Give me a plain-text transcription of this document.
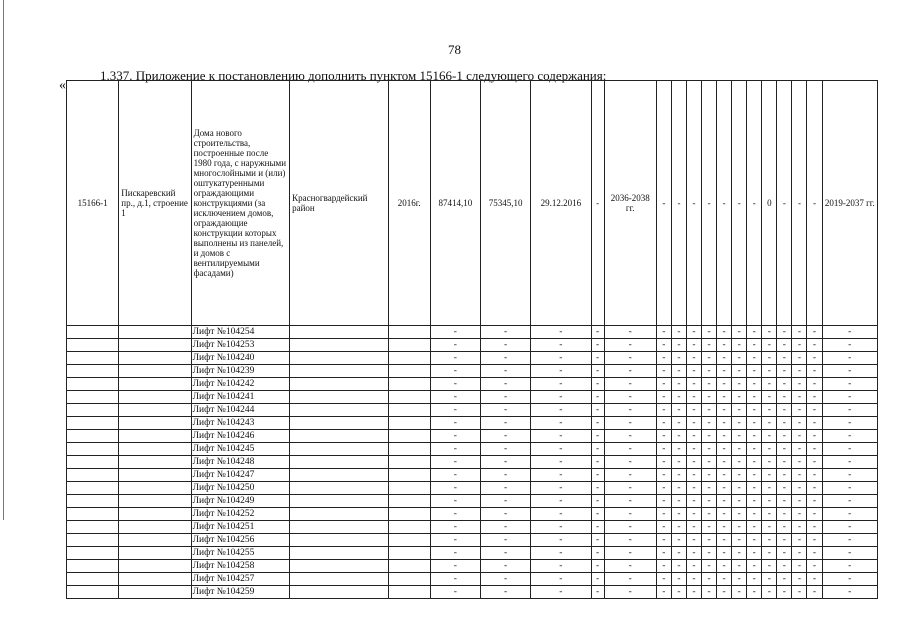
78
1.337. Приложение к постановлению дополнить пунктом 15166-1 следующего содержания:
«
15166-1	Пискаревский пр., д.1, строение 1	Дома нового строительства, построенные после 1980 года, с наружными многослойными и (или) оштукатуренными ограждающими конструкциями (за исключением домов, ограждающие конструкции которых выполнены из панелей, и домов с вентилируемыми фасадами)	Красногвардейский район	2016г.	87414,10	75345,10	29.12.2016	-	2036-2038 гг.	-	-	-	-	-	-	-	0	-	-	-	2019-2037 гг.
		Лифт №104254			-	-	-	-	-	-	-	-	-	-	-	-	-	-	-	-	-
		Лифт №104253			-	-	-	-	-	-	-	-	-	-	-	-	-	-	-	-	-
		Лифт №104240			-	-	-	-	-	-	-	-	-	-	-	-	-	-	-	-	-
		Лифт №104239			-	-	-	-	-	-	-	-	-	-	-	-	-	-	-	-	-
		Лифт №104242			-	-	-	-	-	-	-	-	-	-	-	-	-	-	-	-	-
		Лифт №104241			-	-	-	-	-	-	-	-	-	-	-	-	-	-	-	-	-
		Лифт №104244			-	-	-	-	-	-	-	-	-	-	-	-	-	-	-	-	-
		Лифт №104243			-	-	-	-	-	-	-	-	-	-	-	-	-	-	-	-	-
		Лифт №104246			-	-	-	-	-	-	-	-	-	-	-	-	-	-	-	-	-
		Лифт №104245			-	-	-	-	-	-	-	-	-	-	-	-	-	-	-	-	-
		Лифт №104248			-	-	-	-	-	-	-	-	-	-	-	-	-	-	-	-	-
		Лифт №104247			-	-	-	-	-	-	-	-	-	-	-	-	-	-	-	-	-
		Лифт №104250			-	-	-	-	-	-	-	-	-	-	-	-	-	-	-	-	-
		Лифт №104249			-	-	-	-	-	-	-	-	-	-	-	-	-	-	-	-	-
		Лифт №104252			-	-	-	-	-	-	-	-	-	-	-	-	-	-	-	-	-
		Лифт №104251			-	-	-	-	-	-	-	-	-	-	-	-	-	-	-	-	-
		Лифт №104256			-	-	-	-	-	-	-	-	-	-	-	-	-	-	-	-	-
		Лифт №104255			-	-	-	-	-	-	-	-	-	-	-	-	-	-	-	-	-
		Лифт №104258			-	-	-	-	-	-	-	-	-	-	-	-	-	-	-	-	-
		Лифт №104257			-	-	-	-	-	-	-	-	-	-	-	-	-	-	-	-	-
		Лифт №104259			-	-	-	-	-	-	-	-	-	-	-	-	-	-	-	-	-
